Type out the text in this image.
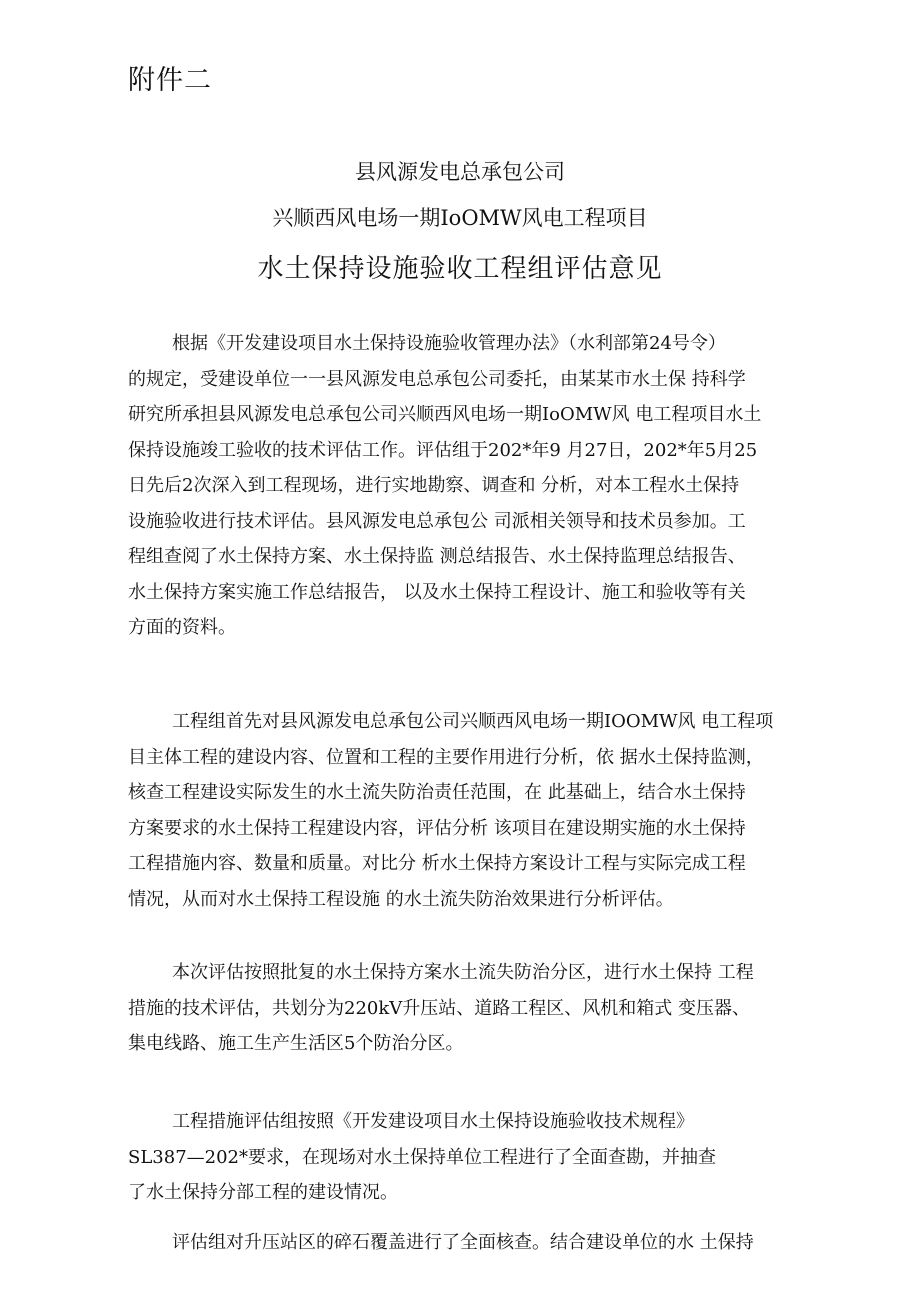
附件二
县风源发电总承包公司
兴顺西风电场一期IoOMW风电工程项目
水土保持设施验收工程组评估意见
根据《开发建设项目水土保持设施验收管理办法》（水利部第24号令）
的规定，受建设单位一一县风源发电总承包公司委托，由某某市水土保 持科学
研究所承担县风源发电总承包公司兴顺西风电场一期IoOMW风 电工程项目水土
保持设施竣工验收的技术评估工作。评估组于202*年9 月27日，202*年5月25
日先后2次深入到工程现场，进行实地勘察、调查和 分析，对本工程水土保持
设施验收进行技术评估。县风源发电总承包公 司派相关领导和技术员参加。工
程组查阅了水土保持方案、水土保持监 测总结报告、水土保持监理总结报告、
水土保持方案实施工作总结报告， 以及水土保持工程设计、施工和验收等有关
方面的资料。
工程组首先对县风源发电总承包公司兴顺西风电场一期IOOMW风 电工程项
目主体工程的建设内容、位置和工程的主要作用进行分析，依 据水土保持监测，
核查工程建设实际发生的水土流失防治责任范围，在 此基础上，结合水土保持
方案要求的水土保持工程建设内容，评估分析 该项目在建设期实施的水土保持
工程措施内容、数量和质量。对比分 析水土保持方案设计工程与实际完成工程
情况，从而对水土保持工程设施 的水土流失防治效果进行分析评估。
本次评估按照批复的水土保持方案水土流失防治分区，进行水土保持 工程
措施的技术评估，共划分为220kV升压站、道路工程区、风机和箱式 变压器、
集电线路、施工生产生活区5个防治分区。
工程措施评估组按照《开发建设项目水土保持设施验收技术规程》
SL387—202*要求，在现场对水土保持单位工程进行了全面查勘，并抽查
了水土保持分部工程的建设情况。
评估组对升压站区的碎石覆盖进行了全面核查。结合建设单位的水 土保持
